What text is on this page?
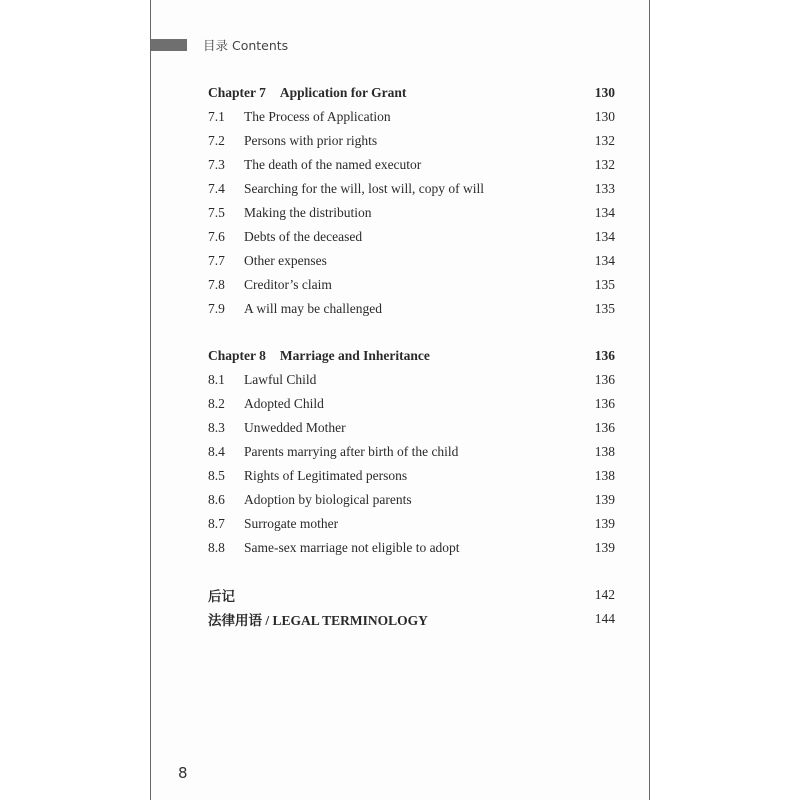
目录 Contents
Chapter 7 Application for Grant	130
7.1	The Process of Application	130
7.2	Persons with prior rights	132
7.3	The death of the named executor	132
7.4	Searching for the will, lost will, copy of will	133
7.5	Making the distribution	134
7.6	Debts of the deceased	134
7.7	Other expenses	134
7.8	Creditor’s claim	135
7.9	A will may be challenged	135
Chapter 8 Marriage and Inheritance	136
8.1	Lawful Child	136
8.2	Adopted Child	136
8.3	Unwedded Mother	136
8.4	Parents marrying after birth of the child	138
8.5	Rights of Legitimated persons	138
8.6	Adoption by biological parents	139
8.7	Surrogate mother	139
8.8	Same-sex marriage not eligible to adopt	139
后记	142
法律用语 / LEGAL TERMINOLOGY	144
8
